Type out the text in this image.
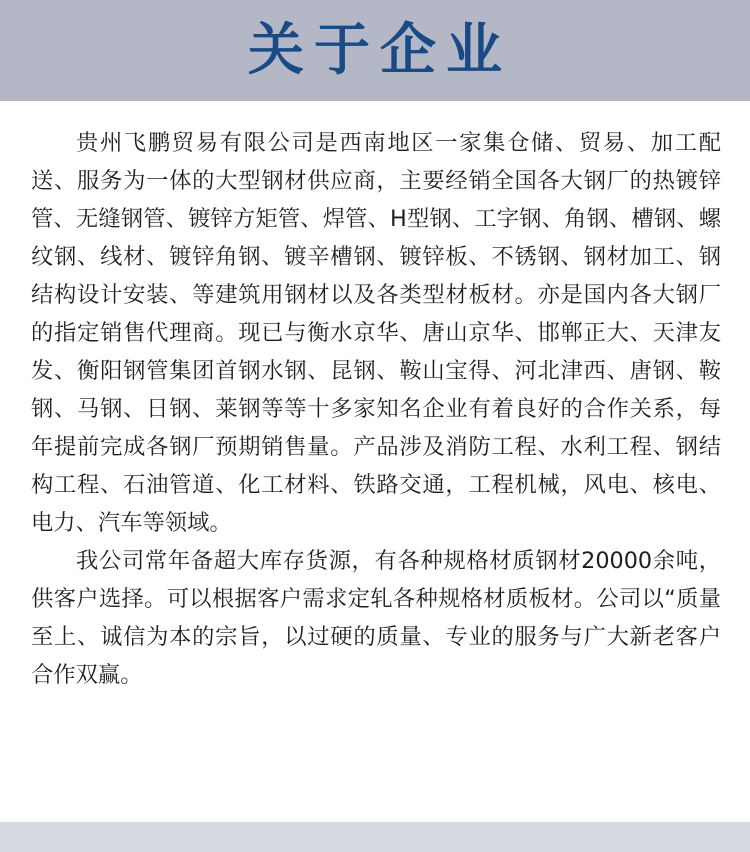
关于企业

贵州飞鹏贸易有限公司是西南地区一家集仓储、贸易、加工配送、服务为一体的大型钢材供应商，主要经销全国各大钢厂的热镀锌管、无缝钢管、镀锌方矩管、焊管、H型钢、工字钢、角钢、槽钢、螺纹钢、线材、镀锌角钢、镀辛槽钢、镀锌板、不锈钢、钢材加工、钢结构设计安装、等建筑用钢材以及各类型材板材。亦是国内各大钢厂的指定销售代理商。现已与衡水京华、唐山京华、邯郸正大、天津友发、衡阳钢管集团首钢水钢、昆钢、鞍山宝得、河北津西、唐钢、鞍钢、马钢、日钢、莱钢等等十多家知名企业有着良好的合作关系，每年提前完成各钢厂预期销售量。产品涉及消防工程、水利工程、钢结构工程、石油管道、化工材料、铁路交通，工程机械，风电、核电、电力、汽车等领域。

我公司常年备超大库存货源，有各种规格材质钢材20000余吨，供客户选择。可以根据客户需求定轧各种规格材质板材。公司以“质量至上、诚信为本的宗旨，以过硬的质量、专业的服务与广大新老客户合作双赢。
